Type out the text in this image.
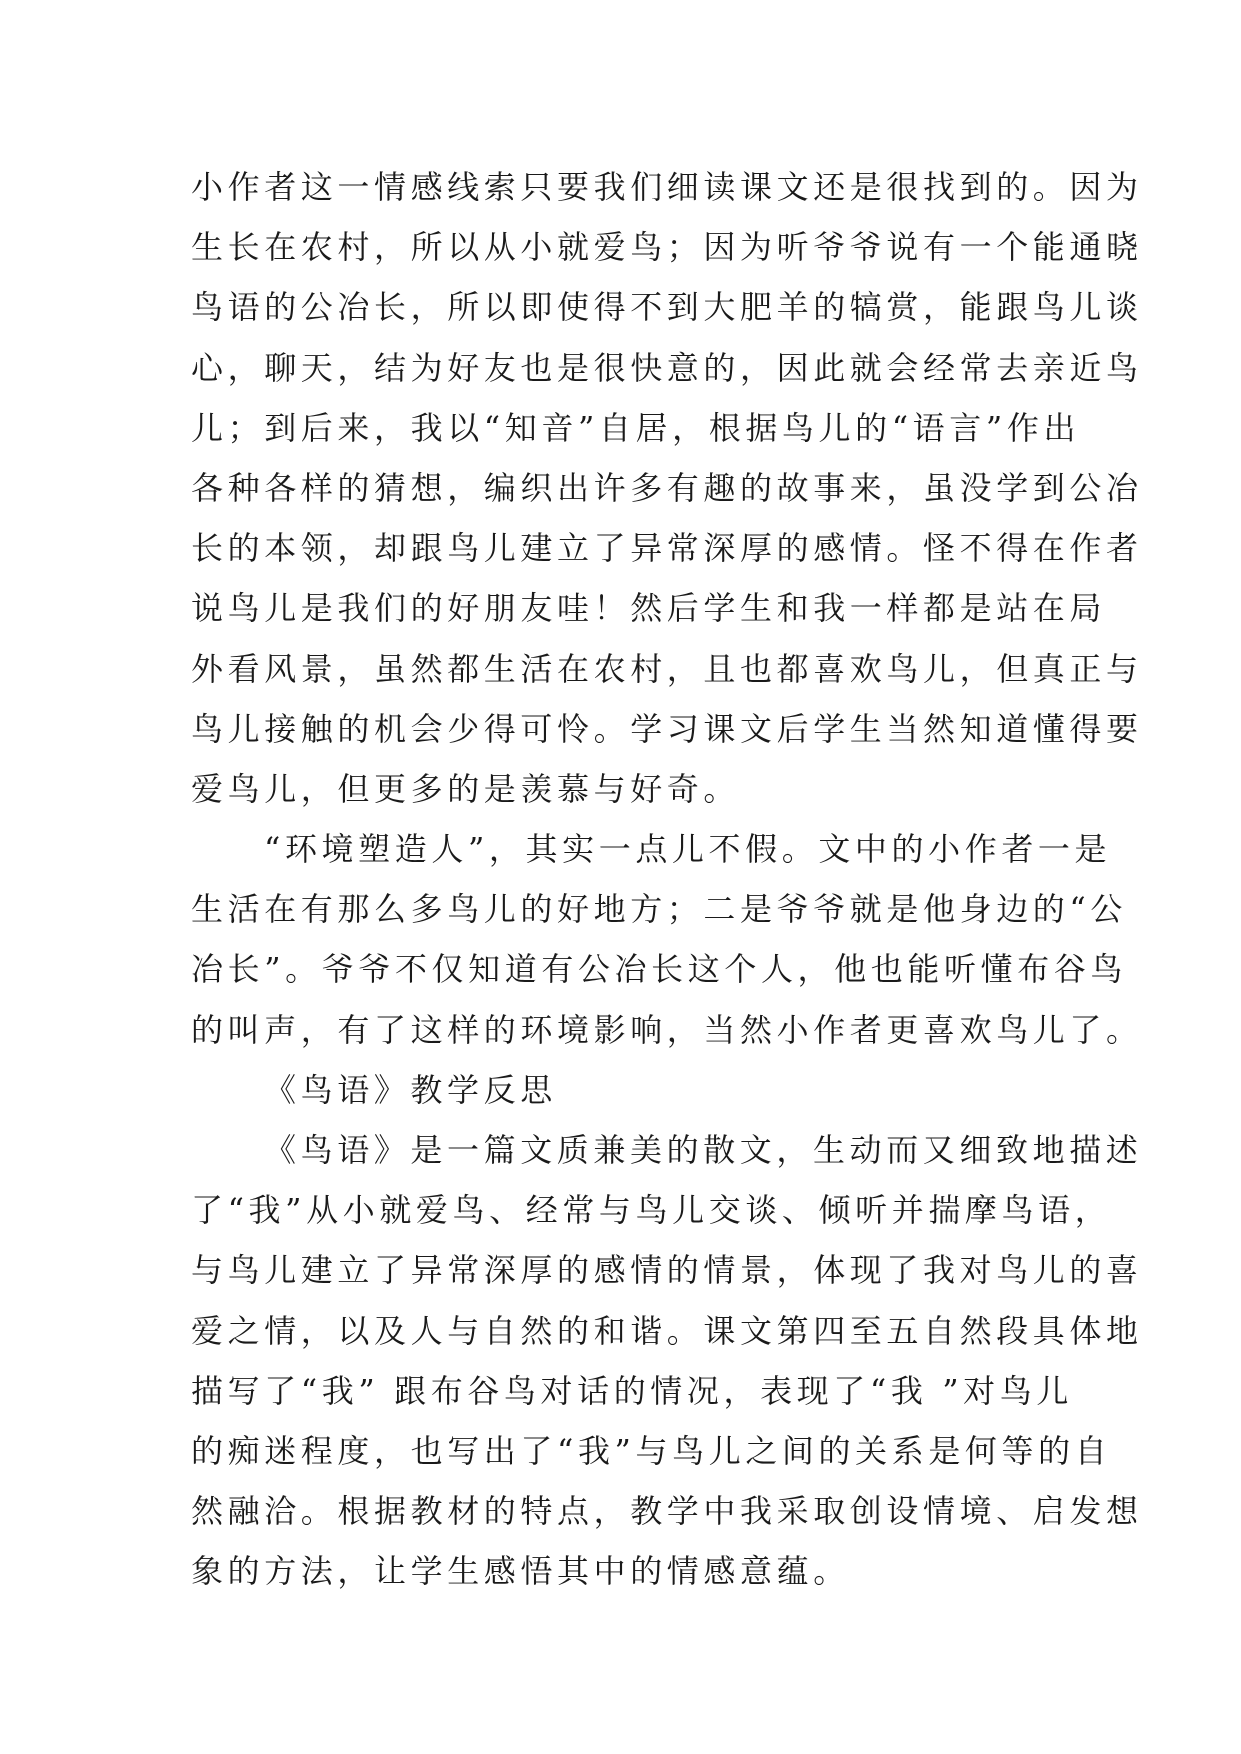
小作者这一情感线索只要我们细读课文还是很找到的。因为
生长在农村，所以从小就爱鸟；因为听爷爷说有一个能通晓
鸟语的公冶长，所以即使得不到大肥羊的犒赏，能跟鸟儿谈
心，聊天，结为好友也是很快意的，因此就会经常去亲近鸟
儿；到后来，我以“知音”自居，根据鸟儿的“语言”作出
各种各样的猜想，编织出许多有趣的故事来，虽没学到公冶
长的本领，却跟鸟儿建立了异常深厚的感情。怪不得在作者
说鸟儿是我们的好朋友哇！然后学生和我一样都是站在局
外看风景，虽然都生活在农村，且也都喜欢鸟儿，但真正与
鸟儿接触的机会少得可怜。学习课文后学生当然知道懂得要
爱鸟儿，但更多的是羡慕与好奇。
“环境塑造人”，其实一点儿不假。文中的小作者一是
生活在有那么多鸟儿的好地方；二是爷爷就是他身边的“公
冶长”。爷爷不仅知道有公冶长这个人，他也能听懂布谷鸟
的叫声，有了这样的环境影响，当然小作者更喜欢鸟儿了。
《鸟语》教学反思
《鸟语》是一篇文质兼美的散文，生动而又细致地描述
了“我”从小就爱鸟、经常与鸟儿交谈、倾听并揣摩鸟语，
与鸟儿建立了异常深厚的感情的情景，体现了我对鸟儿的喜
爱之情，以及人与自然的和谐。课文第四至五自然段具体地
描写了“我” 跟布谷鸟对话的情况，表现了“我 ”对鸟儿
的痴迷程度，也写出了“我”与鸟儿之间的关系是何等的自
然融洽。根据教材的特点，教学中我采取创设情境、启发想
象的方法，让学生感悟其中的情感意蕴。
